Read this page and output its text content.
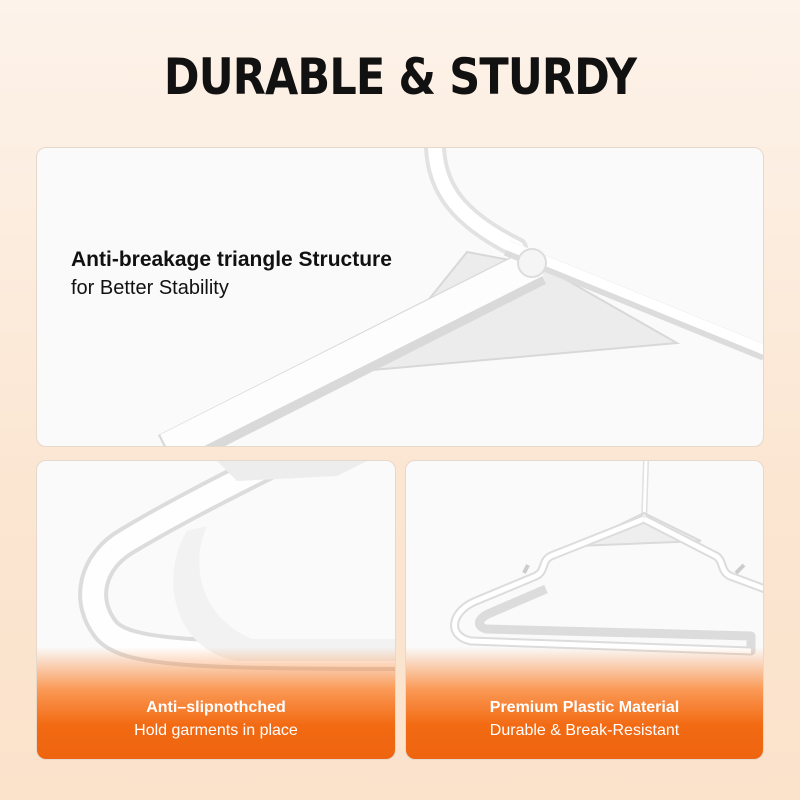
DURABLE & STURDY
Anti-breakage triangle Structure
for Better Stability
Anti–slipnothched
Hold garments in place
Premium Plastic Material
Durable & Break-Resistant
